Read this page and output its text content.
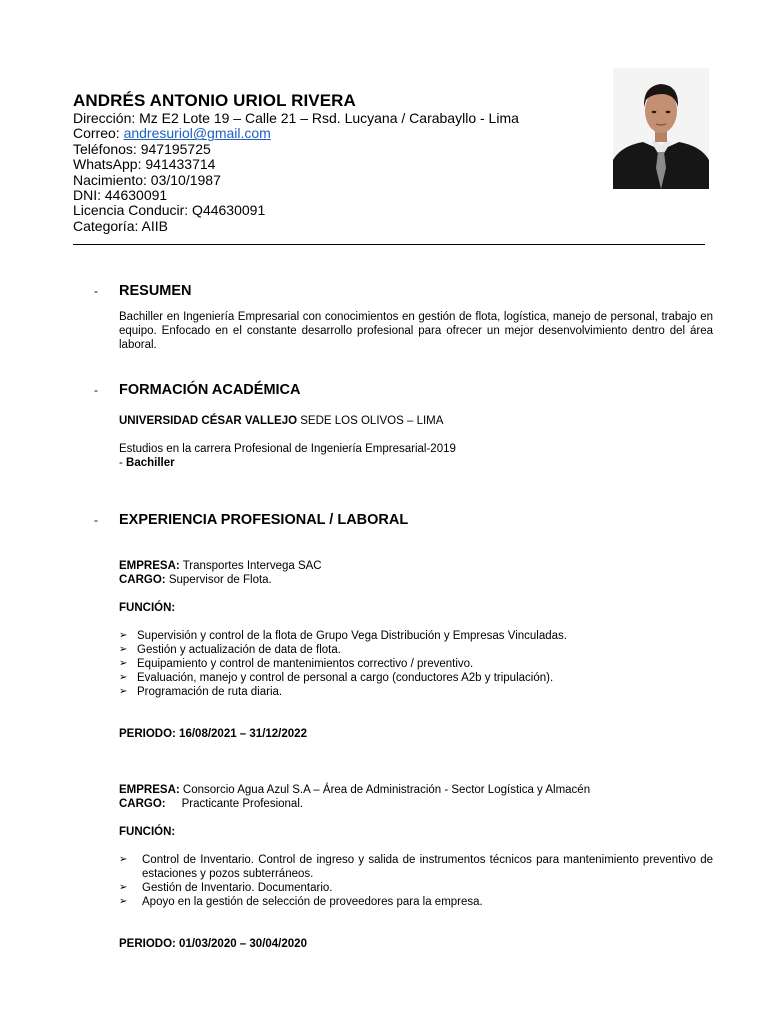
ANDRÉS ANTONIO URIOL RIVERA
Dirección: Mz E2 Lote 19 – Calle 21 – Rsd. Lucyana / Carabayllo - Lima
Correo: andresuriol@gmail.com
Teléfonos: 947195725
WhatsApp: 941433714
Nacimiento: 03/10/1987
DNI: 44630091
Licencia Conducir: Q44630091
Categoría: AIIB
- RESUMEN
Bachiller en Ingeniería Empresarial con conocimientos en gestión de flota, logística, manejo de personal, trabajo en equipo. Enfocado en el constante desarrollo profesional para ofrecer un mejor desenvolvimiento dentro del área laboral.
- FORMACIÓN ACADÉMICA
UNIVERSIDAD CÉSAR VALLEJO SEDE LOS OLIVOS – LIMA
Estudios en la carrera Profesional de Ingeniería Empresarial-2019
- Bachiller
- EXPERIENCIA PROFESIONAL / LABORAL
EMPRESA: Transportes Intervega SAC
CARGO: Supervisor de Flota.
FUNCIÓN:
➢ Supervisión y control de la flota de Grupo Vega Distribución y Empresas Vinculadas.
➢ Gestión y actualización de data de flota.
➢ Equipamiento y control de mantenimientos correctivo / preventivo.
➢ Evaluación, manejo y control de personal a cargo (conductores A2b y tripulación).
➢ Programación de ruta diaria.
PERIODO: 16/08/2021 – 31/12/2022
EMPRESA: Consorcio Agua Azul S.A – Área de Administración - Sector Logística y Almacén
CARGO:     Practicante Profesional.
FUNCIÓN:
➢ Control de Inventario. Control de ingreso y salida de instrumentos técnicos para mantenimiento preventivo de estaciones y pozos subterráneos.
➢ Gestión de Inventario. Documentario.
➢ Apoyo en la gestión de selección de proveedores para la empresa.
PERIODO: 01/03/2020 – 30/04/2020
